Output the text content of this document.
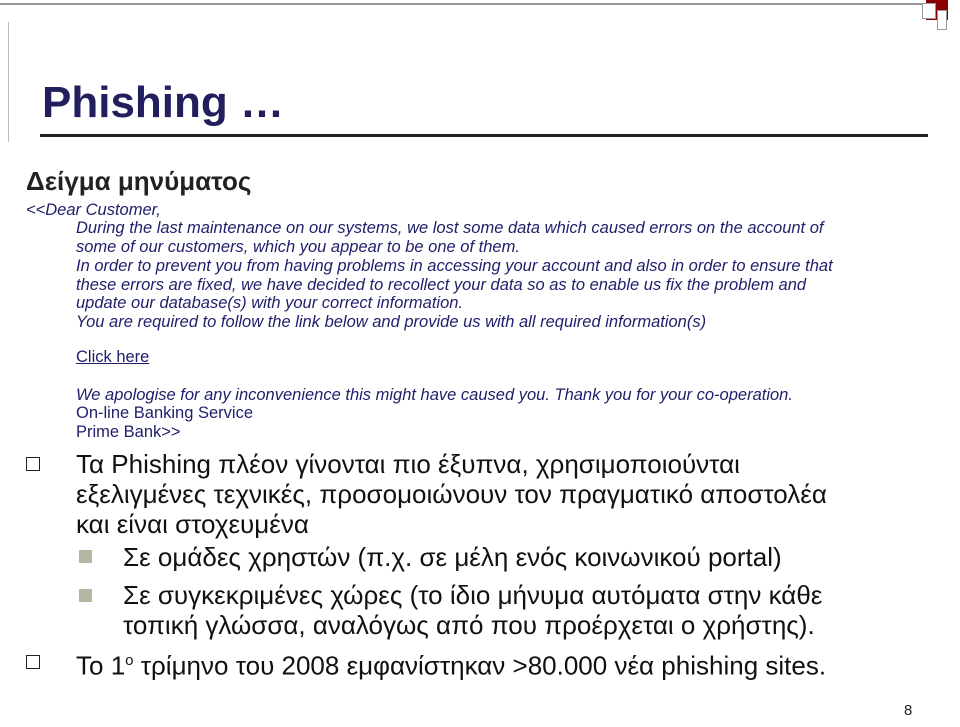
Phishing …
Δείγμα μηνύματος
<<Dear Customer,
During the last maintenance on our systems, we lost some data which caused errors on the account of
some of our customers, which you appear to be one of them.
In order to prevent you from having problems in accessing your account and also in order to ensure that
these errors are fixed, we have decided to recollect your data so as to enable us fix the problem and
update our database(s) with your correct information.
You are required to follow the link below and provide us with all required information(s)
Click here
We apologise for any inconvenience this might have caused you. Thank you for your co-operation.
On-line Banking Service
Prime Bank>>
Τα Phishing πλέον γίνονται πιο έξυπνα, χρησιμοποιούνται
εξελιγμένες τεχνικές, προσομοιώνουν τον πραγματικό αποστολέα
και είναι στοχευμένα
Σε ομάδες χρηστών (π.χ. σε μέλη ενός κοινωνικού portal)
Σε συγκεκριμένες χώρες (το ίδιο μήνυμα αυτόματα στην κάθε
τοπική γλώσσα, αναλόγως από που προέρχεται ο χρήστης).
Το $1^o$ τρίμηνο του 2008 εμφανίστηκαν >80.000 νέα phishing sites.
8
